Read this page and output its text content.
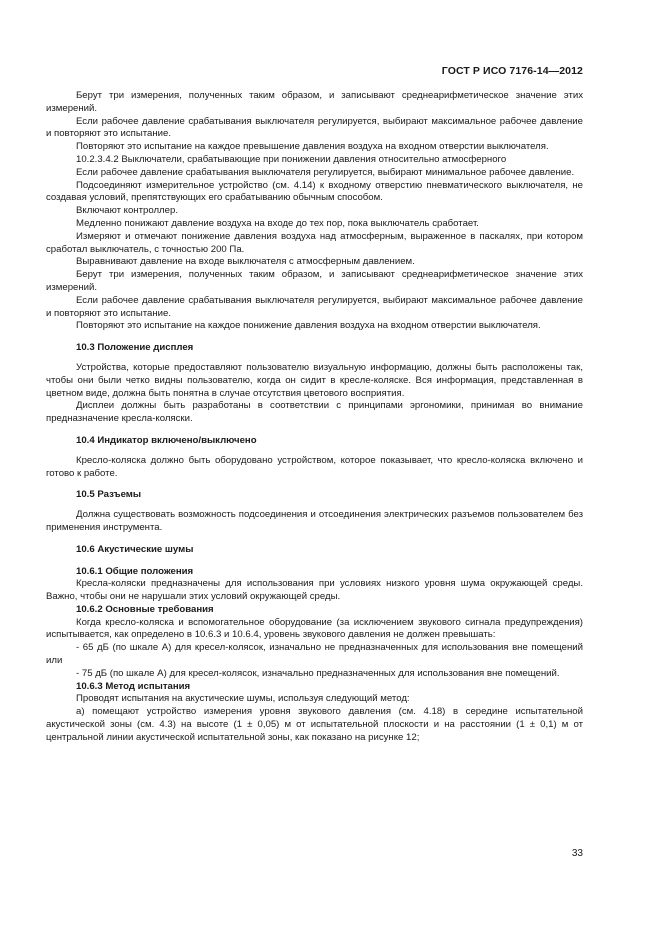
ГОСТ Р ИСО 7176-14—2012

Берут три измерения, полученных таким образом, и записывают среднеарифметическое значение этих измерений.

Если рабочее давление срабатывания выключателя регулируется, выбирают максимальное рабочее давление и повторяют это испытание.

Повторяют это испытание на каждое превышение давления воздуха на входном отверстии выключателя.

10.2.3.4.2 Выключатели, срабатывающие при понижении давления относительно атмосферного

Если рабочее давление срабатывания выключателя регулируется, выбирают минимальное рабочее давление.

Подсоединяют измерительное устройство (см. 4.14) к входному отверстию пневматического выключателя, не создавая условий, препятствующих его срабатыванию обычным способом.

Включают контроллер.

Медленно понижают давление воздуха на входе до тех пор, пока выключатель сработает.

Измеряют и отмечают понижение давления воздуха над атмосферным, выраженное в паскалях, при котором сработал выключатель, с точностью 200 Па.

Выравнивают давление на входе выключателя с атмосферным давлением.

Берут три измерения, полученных таким образом, и записывают среднеарифметическое значение этих измерений.

Если рабочее давление срабатывания выключателя регулируется, выбирают максимальное рабочее давление и повторяют это испытание.

Повторяют это испытание на каждое понижение давления воздуха на входном отверстии выключателя.

10.3 Положение дисплея

Устройства, которые предоставляют пользователю визуальную информацию, должны быть расположены так, чтобы они были четко видны пользователю, когда он сидит в кресле-коляске. Вся информация, представленная в цветном виде, должна быть понятна в случае отсутствия цветового восприятия.

Дисплеи должны быть разработаны в соответствии с принципами эргономики, принимая во внимание предназначение кресла-коляски.

10.4 Индикатор включено/выключено

Кресло-коляска должно быть оборудовано устройством, которое показывает, что кресло-коляска включено и готово к работе.

10.5 Разъемы

Должна существовать возможность подсоединения и отсоединения электрических разъемов пользователем без применения инструмента.

10.6 Акустические шумы

10.6.1 Общие положения

Кресла-коляски предназначены для использования при условиях низкого уровня шума окружающей среды. Важно, чтобы они не нарушали этих условий окружающей среды.

10.6.2 Основные требования

Когда кресло-коляска и вспомогательное оборудование (за исключением звукового сигнала предупреждения) испытывается, как определено в 10.6.3 и 10.6.4, уровень звукового давления не должен превышать:

- 65 дБ (по шкале А) для кресел-колясок, изначально не предназначенных для использования вне помещений или

- 75 дБ (по шкале А) для кресел-колясок, изначально предназначенных для использования вне помещений.

10.6.3 Метод испытания

Проводят испытания на акустические шумы, используя следующий метод:

а) помещают устройство измерения уровня звукового давления (см. 4.18) в середине испытательной акустической зоны (см. 4.3) на высоте (1 ± 0,05) м от испытательной плоскости и на расстоянии (1 ± 0,1) м от центральной линии акустической испытательной зоны, как показано на рисунке 12;

33
